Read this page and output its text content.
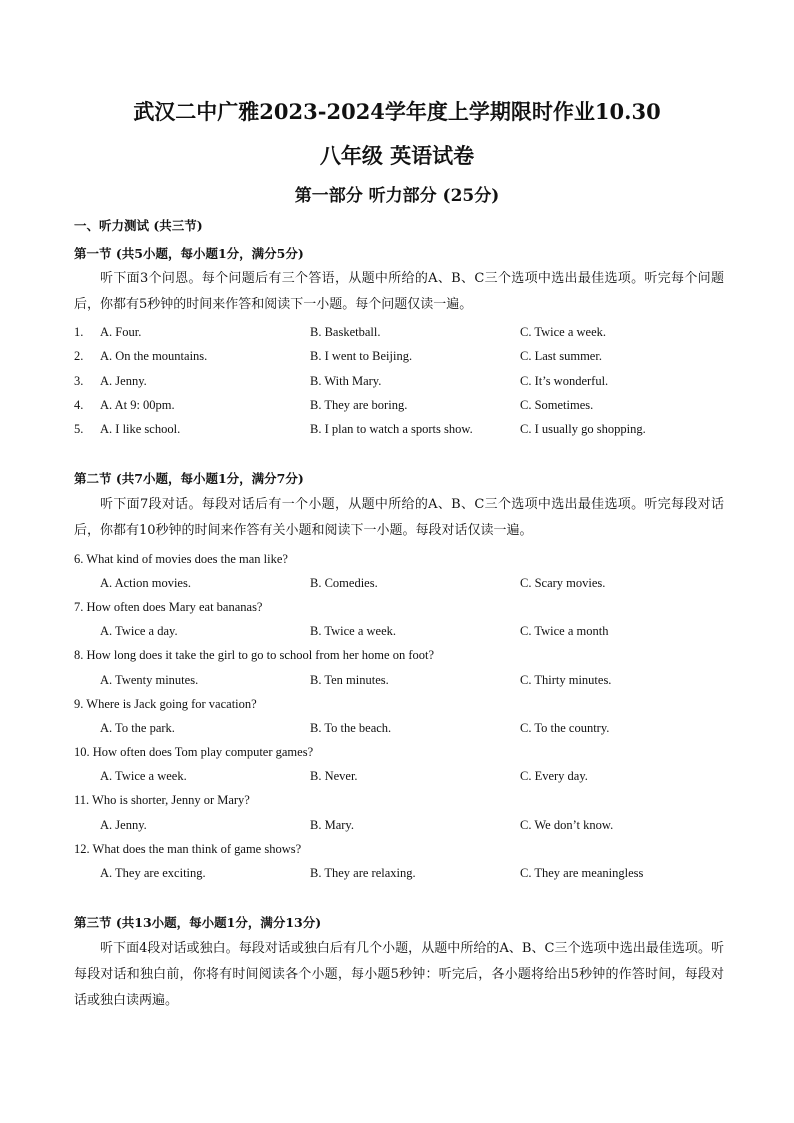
武汉二中广雅2023-2024学年度上学期限时作业10.30
八年级 英语试卷
第一部分 听力部分 (25分)
一、听力测试 (共三节)
第一节 (共5小题，每小题1分，满分5分)
听下面3个问恩。每个问题后有三个答语，从题中所给的A、B、C三个选项中选出最佳选项。听完每个问题后，你都有5秒钟的时间来作答和阅读下一小题。每个问题仅读一遍。
1. A. Four.	B. Basketball.	C. Twice a week.
2. A. On the mountains.	B. I went to Beijing.	C. Last summer.
3. A. Jenny.	B. With Mary.	C. It’s wonderful.
4. A. At 9: 00pm.	B. They are boring.	C. Sometimes.
5. A. I like school.	B. I plan to watch a sports show.	C. I usually go shopping.
第二节 (共7小题，每小题1分，满分7分)
听下面7段对话。每段对话后有一个小题，从题中所给的A、B、C三个选项中选出最佳选项。听完每段对话后，你都有10秒钟的时间来作答有关小题和阅读下一小题。每段对话仅读一遍。
6. What kind of movies does the man like?
A. Action movies.	B. Comedies.	C. Scary movies.
7. How often does Mary eat bananas?
A. Twice a day.	B. Twice a week.	C. Twice a month
8. How long does it take the girl to go to school from her home on foot?
A. Twenty minutes.	B. Ten minutes.	C. Thirty minutes.
9. Where is Jack going for vacation?
A. To the park.	B. To the beach.	C. To the country.
10. How often does Tom play computer games?
A. Twice a week.	B. Never.	C. Every day.
11. Who is shorter, Jenny or Mary?
A. Jenny.	B. Mary.	C. We don’t know.
12. What does the man think of game shows?
A. They are exciting.	B. They are relaxing.	C. They are meaningless
第三节 (共13小题，每小题1分，满分13分)
听下面4段对话或独白。每段对话或独白后有几个小题，从题中所给的A、B、C三个选项中选出最佳选项。听每段对话和独白前，你将有时间阅读各个小题，每小题5秒钟：听完后，各小题将给出5秒钟的作答时间，每段对话或独白读两遍。
